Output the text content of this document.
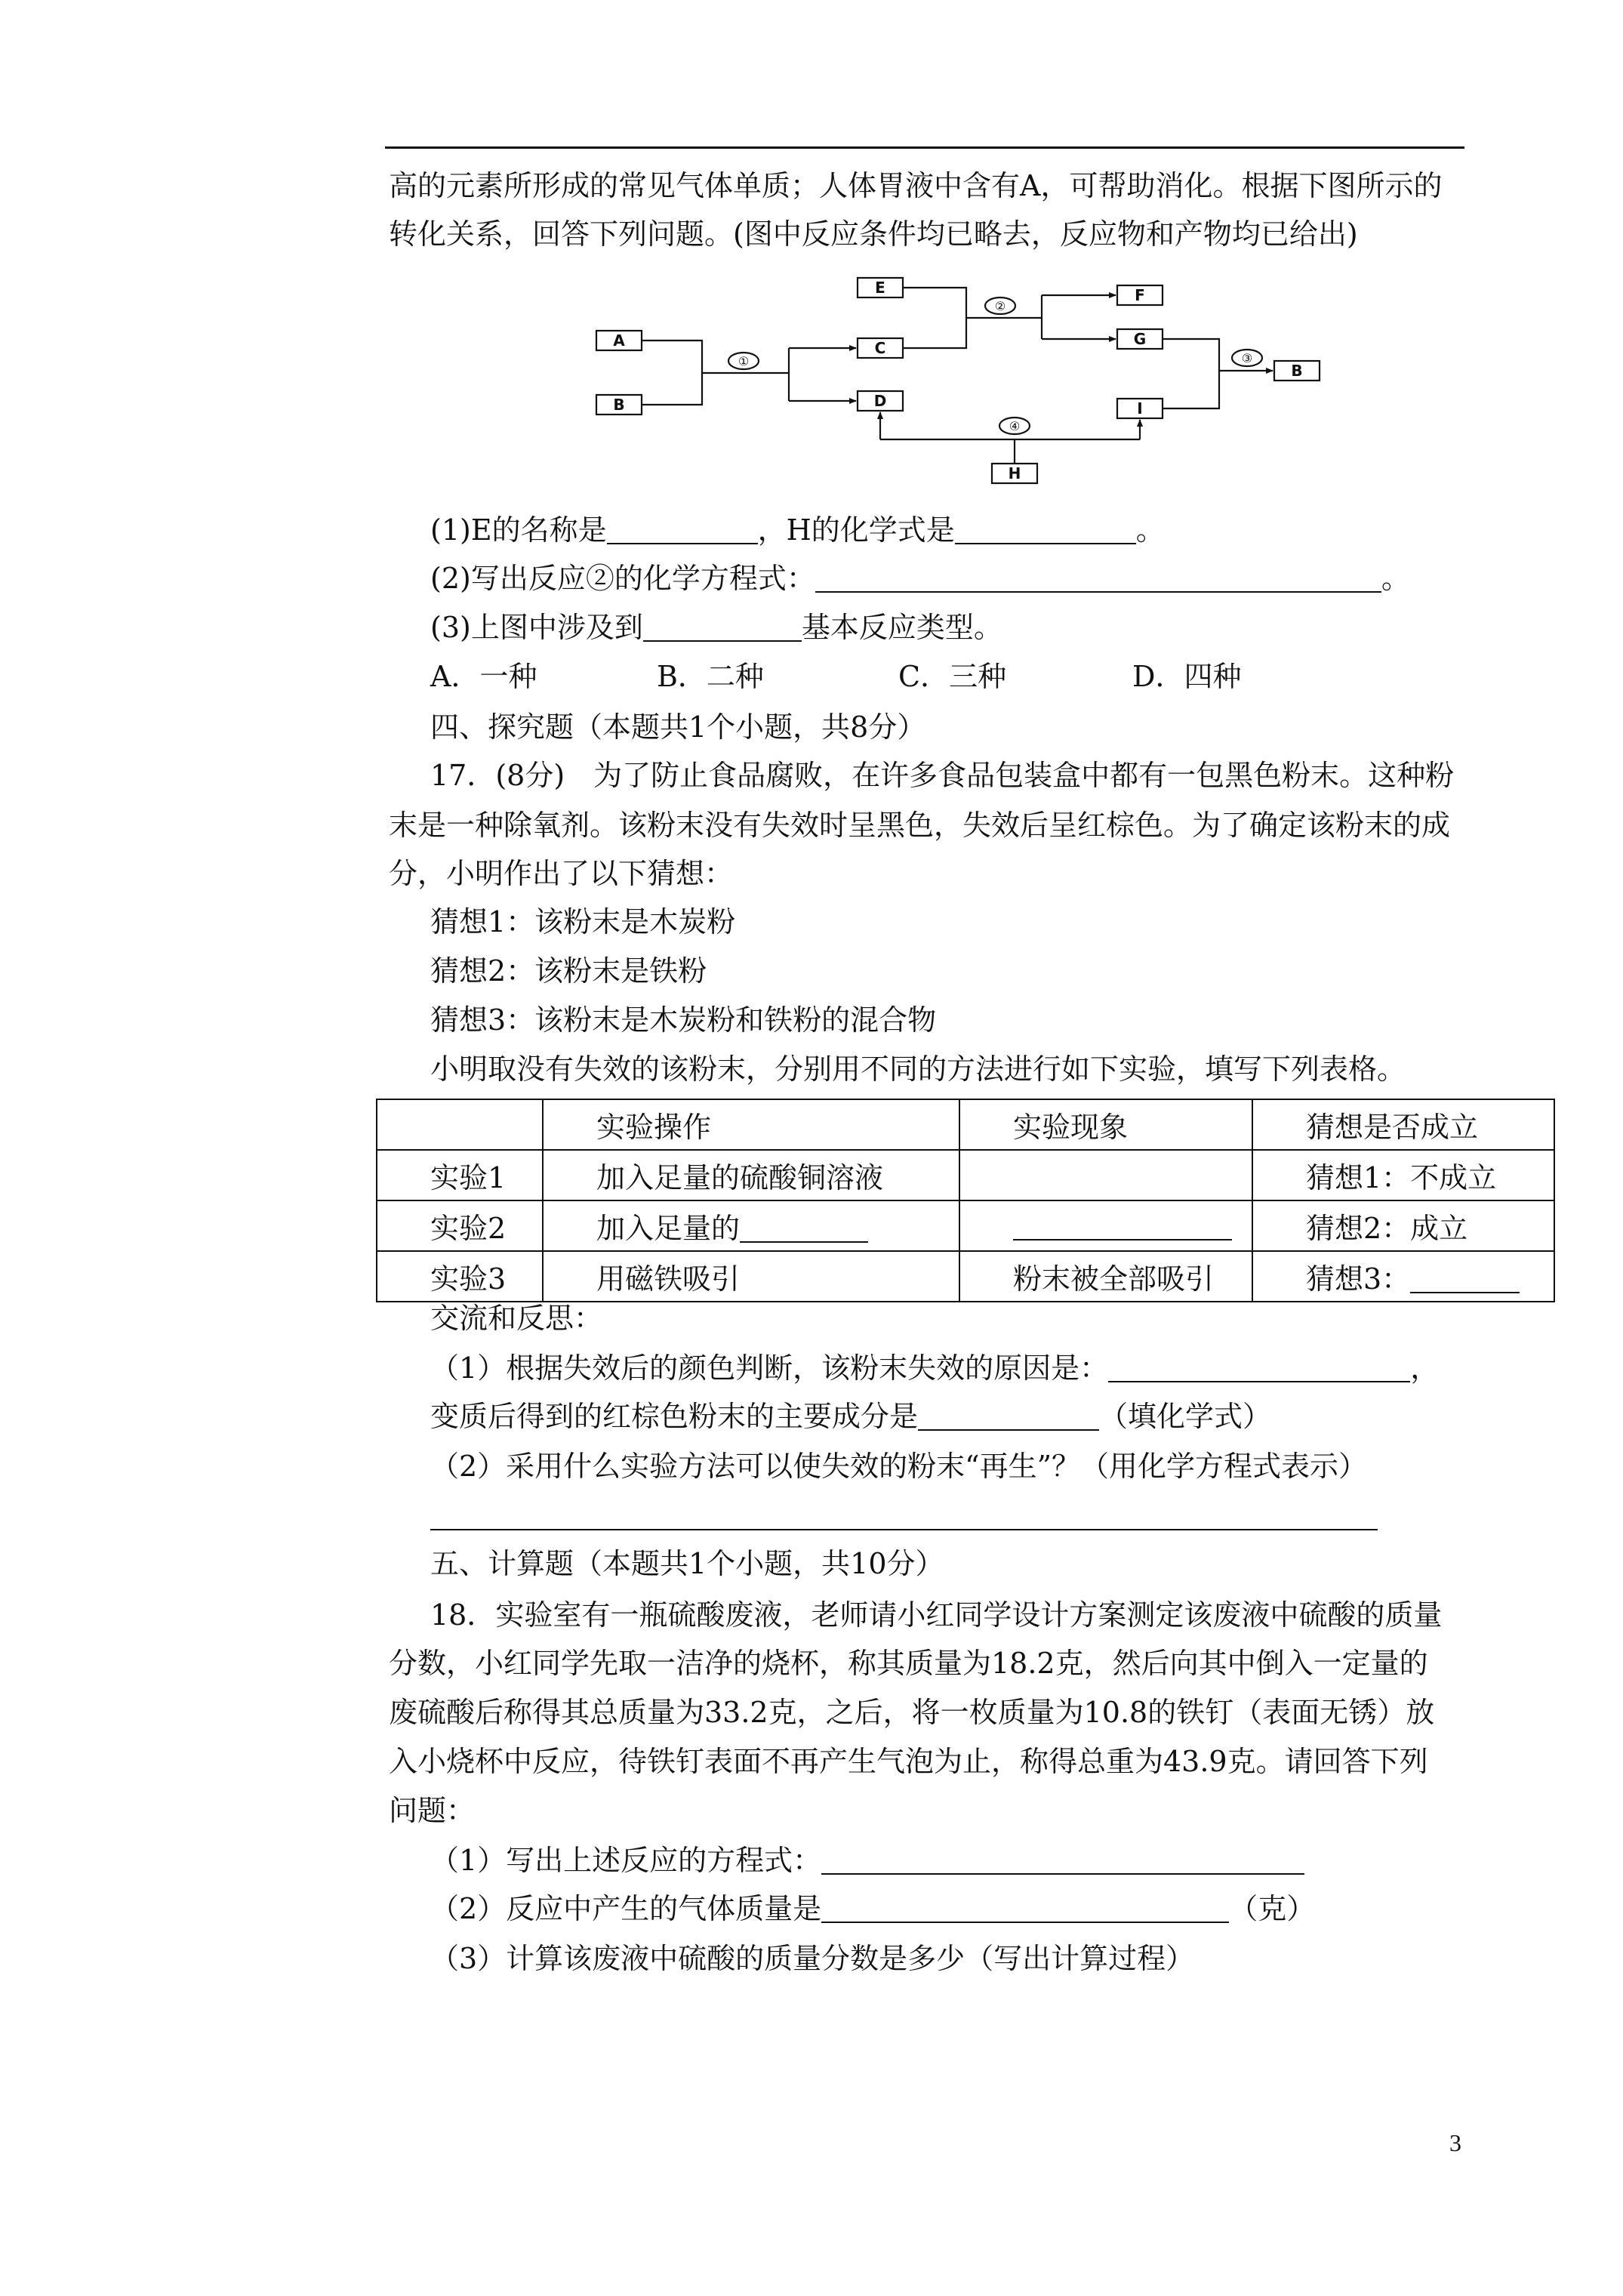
高的元素所形成的常见气体单质；人体胃液中含有A，可帮助消化。根据下图所示的
转化关系，回答下列问题。(图中反应条件均已略去，反应物和产物均已给出)
A
B
E
C
D
F
G
I
B
H
①
②
③
④
(1)E的名称是	，H的化学式是	。
(2)写出反应②的化学方程式：	。
(3)上图中涉及到	基本反应类型。
A．一种	B．二种	C．三种	D．四种
四、探究题（本题共1个小题，共8分）
17．(8分)　为了防止食品腐败，在许多食品包装盒中都有一包黑色粉末。这种粉
末是一种除氧剂。该粉末没有失效时呈黑色，失效后呈红棕色。为了确定该粉末的成
分，小明作出了以下猜想：
猜想1：该粉末是木炭粉
猜想2：该粉末是铁粉
猜想3：该粉末是木炭粉和铁粉的混合物
小明取没有失效的该粉末，分别用不同的方法进行如下实验，填写下列表格。
	实验操作	实验现象	猜想是否成立
实验1	加入足量的硫酸铜溶液		猜想1：不成立
实验2	加入足量的		猜想2：成立
实验3	用磁铁吸引	粉末被全部吸引	猜想3：
交流和反思：
（1）根据失效后的颜色判断，该粉末失效的原因是：	，
变质后得到的红棕色粉末的主要成分是	（填化学式）
（2）采用什么实验方法可以使失效的粉末“再生”？（用化学方程式表示）
五、计算题（本题共1个小题，共10分）
18．实验室有一瓶硫酸废液，老师请小红同学设计方案测定该废液中硫酸的质量
分数，小红同学先取一洁净的烧杯，称其质量为18.2克，然后向其中倒入一定量的
废硫酸后称得其总质量为33.2克，之后，将一枚质量为10.8的铁钉（表面无锈）放
入小烧杯中反应，待铁钉表面不再产生气泡为止，称得总重为43.9克。请回答下列
问题：
（1）写出上述反应的方程式：
（2）反应中产生的气体质量是	（克）
（3）计算该废液中硫酸的质量分数是多少（写出计算过程）
3
